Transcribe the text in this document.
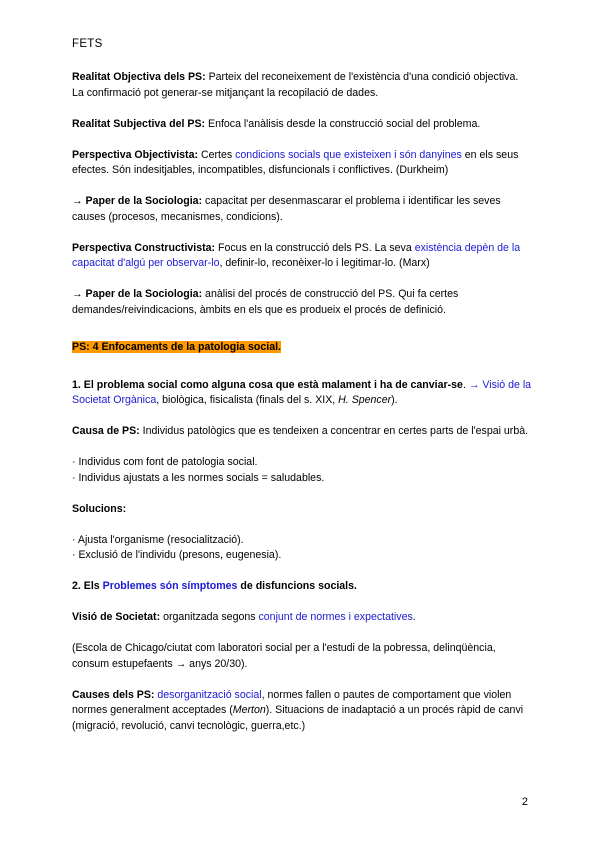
FETS

Realitat Objectiva dels PS: Parteix del reconeixement de l'existència d'una condició objectiva. La confirmació pot generar-se mitjançant la recopilació de dades.

Realitat Subjectiva del PS: Enfoca l'anàlisis desde la construcció social del problema.

Perspectiva Objectivista: Certes condicions socials que existeixen i són danyines en els seus efectes. Són indesitjables, incompatibles, disfuncionals i conflictives. (Durkheim)

→ Paper de la Sociologia: capacitat per desenmascarar el problema i identificar les seves causes (procesos, mecanismes, condicions).

Perspectiva Constructivista: Focus en la construcció dels PS. La seva existència depèn de la capacitat d'algú per observar-lo, definir-lo, reconèixer-lo i legitimar-lo. (Marx)

→ Paper de la Sociologia: anàlisi del procés de construcció del PS. Qui fa certes demandes/reivindicacions, àmbits en els que es produeix el procés de definició.

PS: 4 Enfocaments de la patologia social.

1. El problema social como alguna cosa que està malament i ha de canviar-se. → Visió de la Societat Orgànica, biològica, fisicalista (finals del s. XIX, H. Spencer).

Causa de PS: Individus patològics que es tendeixen a concentrar en certes parts de l'espai urbà.

· Individus com font de patologia social.

· Individus ajustats a les normes socials = saludables.

Solucions:

· Ajusta l'organisme (resocialització).

· Exclusió de l'individu (presons, eugenesia).

2. Els Problemes són símptomes de disfuncions socials.

Visió de Societat: organitzada segons conjunt de normes i expectatives.

(Escola de Chicago/ciutat com laboratori social per a l'estudi de la pobressa, delinqüència, consum estupefaents → anys 20/30).

Causes dels PS: desorganització social, normes fallen o pautes de comportament que violen normes generalment acceptades (Merton). Situacions de inadaptació a un procés ràpid de canvi (migració, revolució, canvi tecnològic, guerra,etc.)

2
